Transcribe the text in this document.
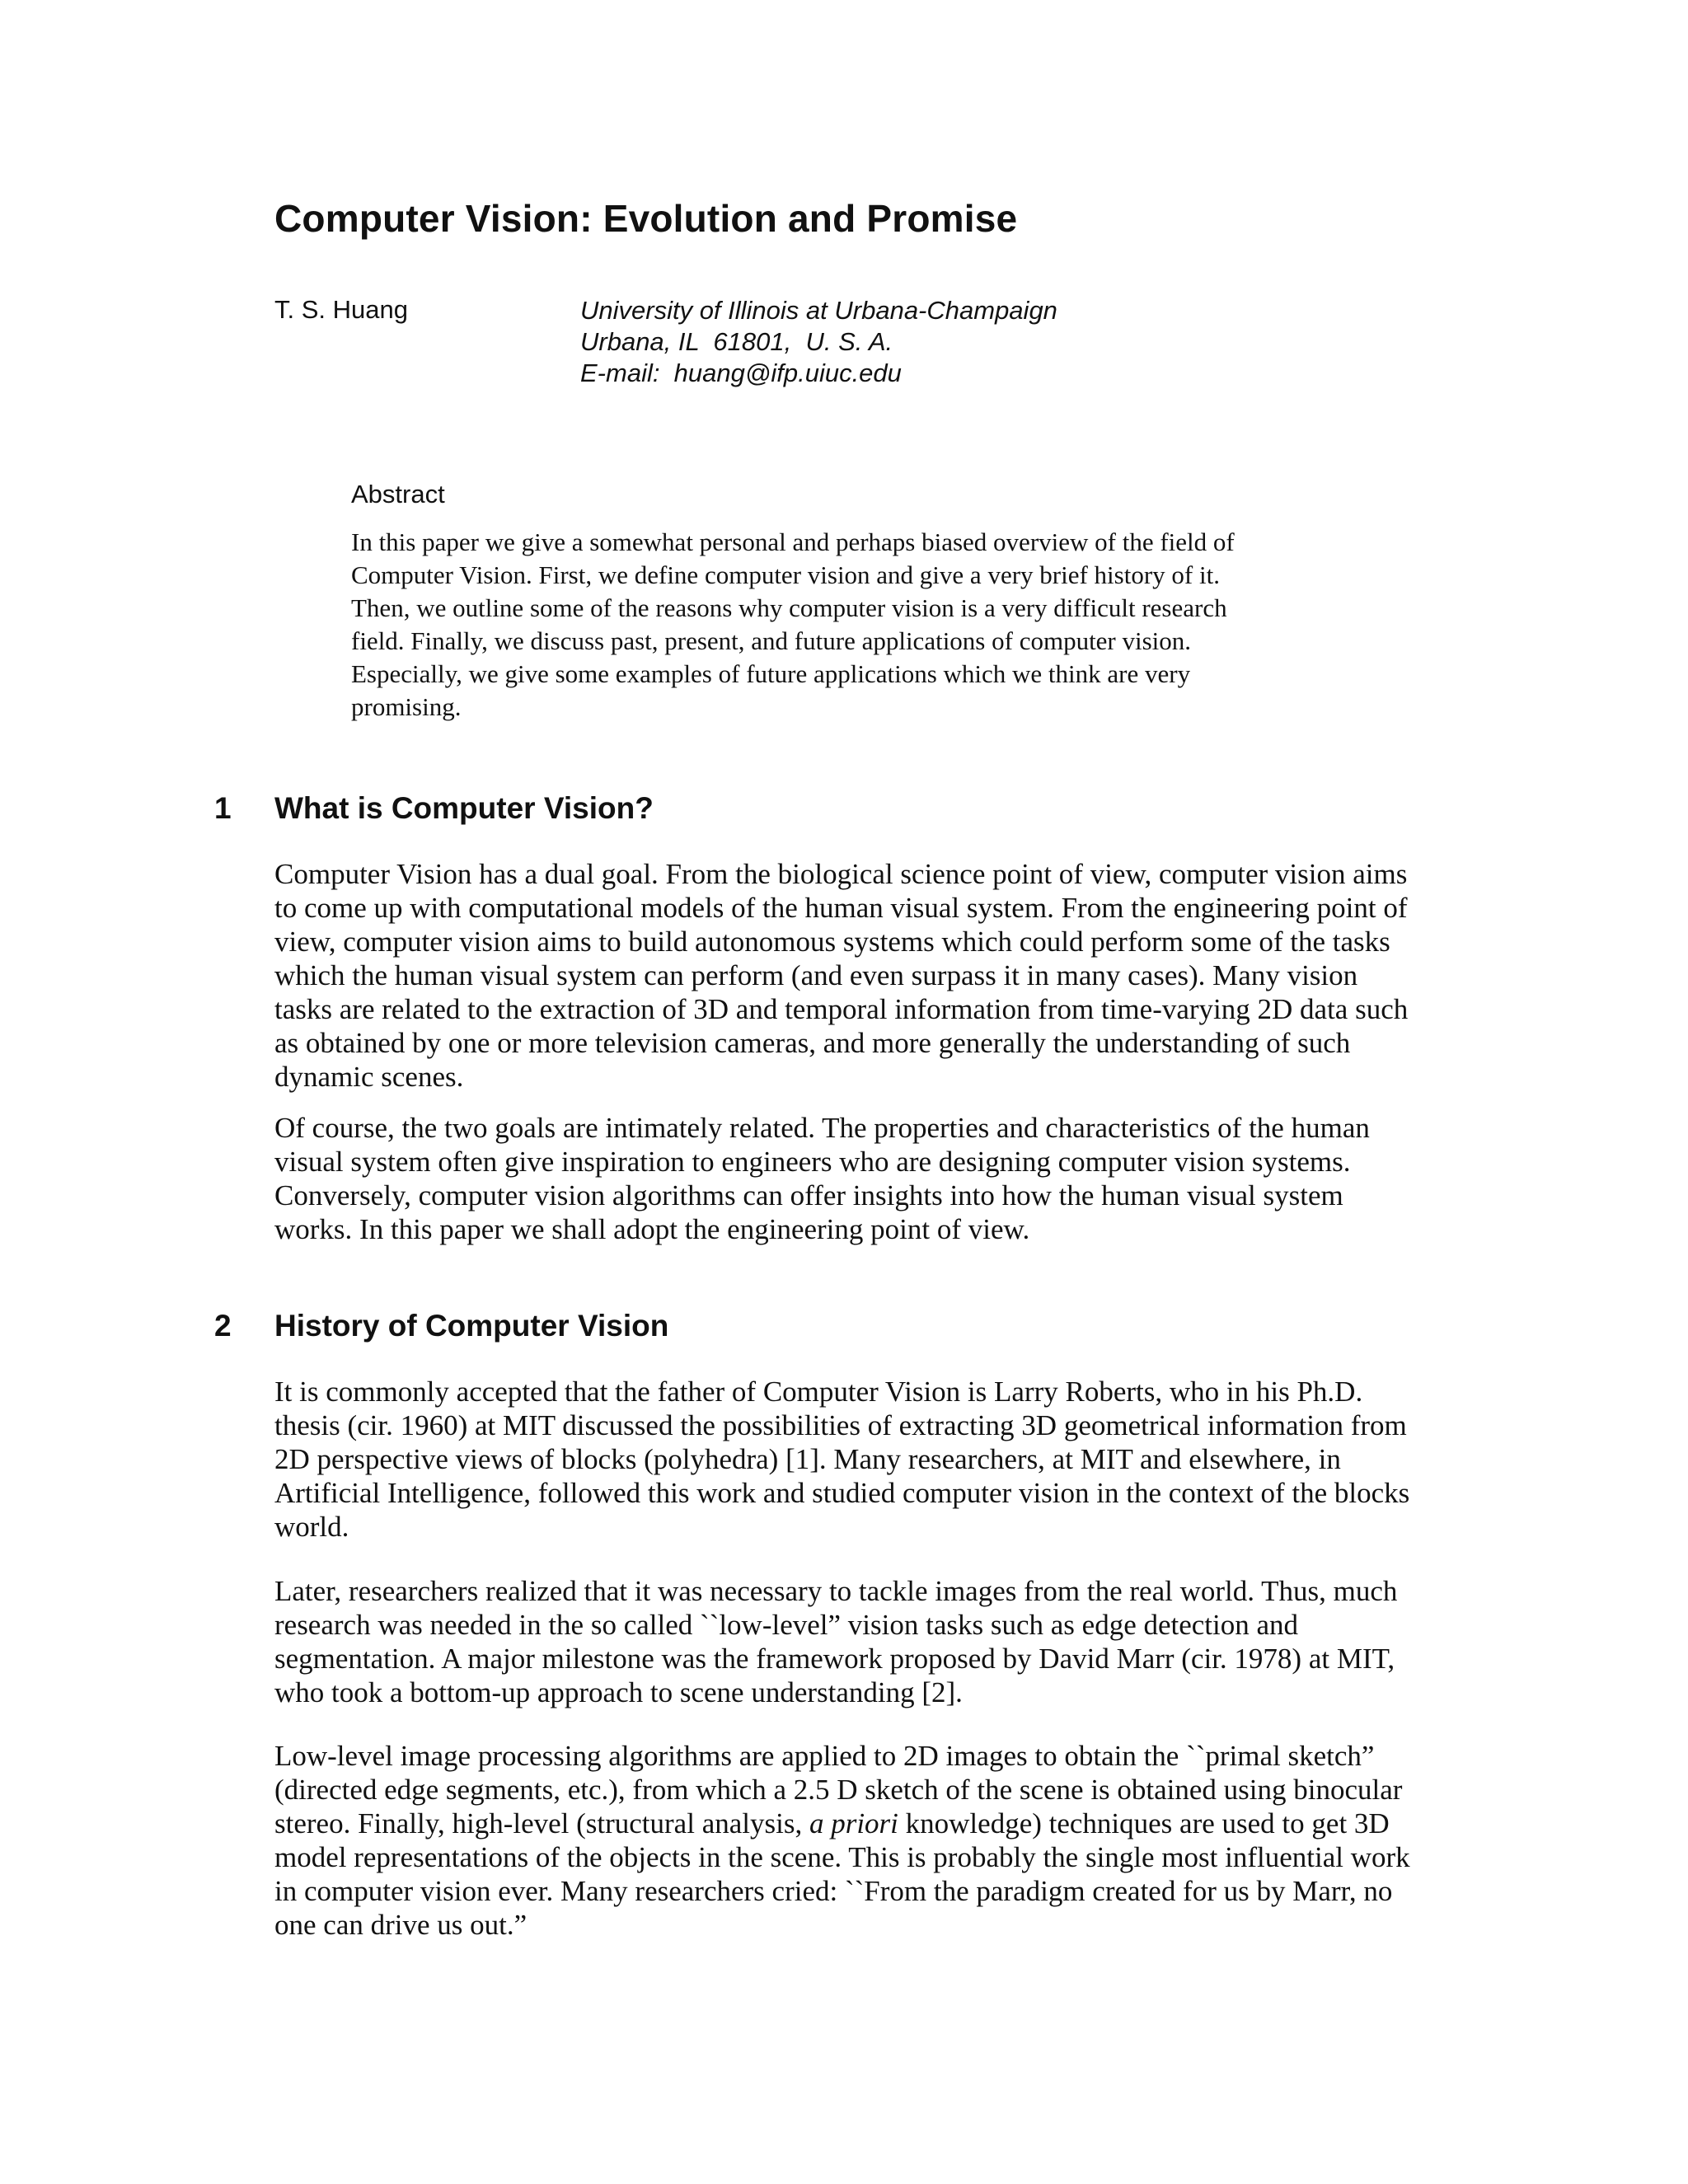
Computer Vision: Evolution and Promise
T. S. Huang	University of Illinois at Urbana-Champaign
Urbana, IL  61801,  U. S. A.
E-mail:  huang@ifp.uiuc.edu
Abstract
In this paper we give a somewhat personal and perhaps biased overview of the field of
Computer Vision. First, we define computer vision and give a very brief history of it.
Then, we outline some of the reasons why computer vision is a very difficult research
field. Finally, we discuss past, present, and future applications of computer vision.
Especially, we give some examples of future applications which we think are very
promising.
1 What is Computer Vision?
Computer Vision has a dual goal. From the biological science point of view, computer vision aims
to come up with computational models of the human visual system. From the engineering point of
view, computer vision aims to build autonomous systems which could perform some of the tasks
which the human visual system can perform (and even surpass it in many cases). Many vision
tasks are related to the extraction of 3D and temporal information from time-varying 2D data such
as obtained by one or more television cameras, and more generally the understanding of such
dynamic scenes.
Of course, the two goals are intimately related. The properties and characteristics of the human
visual system often give inspiration to engineers who are designing computer vision systems.
Conversely, computer vision algorithms can offer insights into how the human visual system
works. In this paper we shall adopt the engineering point of view.
2 History of Computer Vision
It is commonly accepted that the father of Computer Vision is Larry Roberts, who in his Ph.D.
thesis (cir. 1960) at MIT discussed the possibilities of extracting 3D geometrical information from
2D perspective views of blocks (polyhedra) [1]. Many researchers, at MIT and elsewhere, in
Artificial Intelligence, followed this work and studied computer vision in the context of the blocks
world.
Later, researchers realized that it was necessary to tackle images from the real world. Thus, much
research was needed in the so called ``low-level” vision tasks such as edge detection and
segmentation. A major milestone was the framework proposed by David Marr (cir. 1978) at MIT,
who took a bottom-up approach to scene understanding [2].
Low-level image processing algorithms are applied to 2D images to obtain the ``primal sketch”
(directed edge segments, etc.), from which a 2.5 D sketch of the scene is obtained using binocular
stereo. Finally, high-level (structural analysis, a priori knowledge) techniques are used to get 3D
model representations of the objects in the scene. This is probably the single most influential work
in computer vision ever. Many researchers cried: ``From the paradigm created for us by Marr, no
one can drive us out.”
